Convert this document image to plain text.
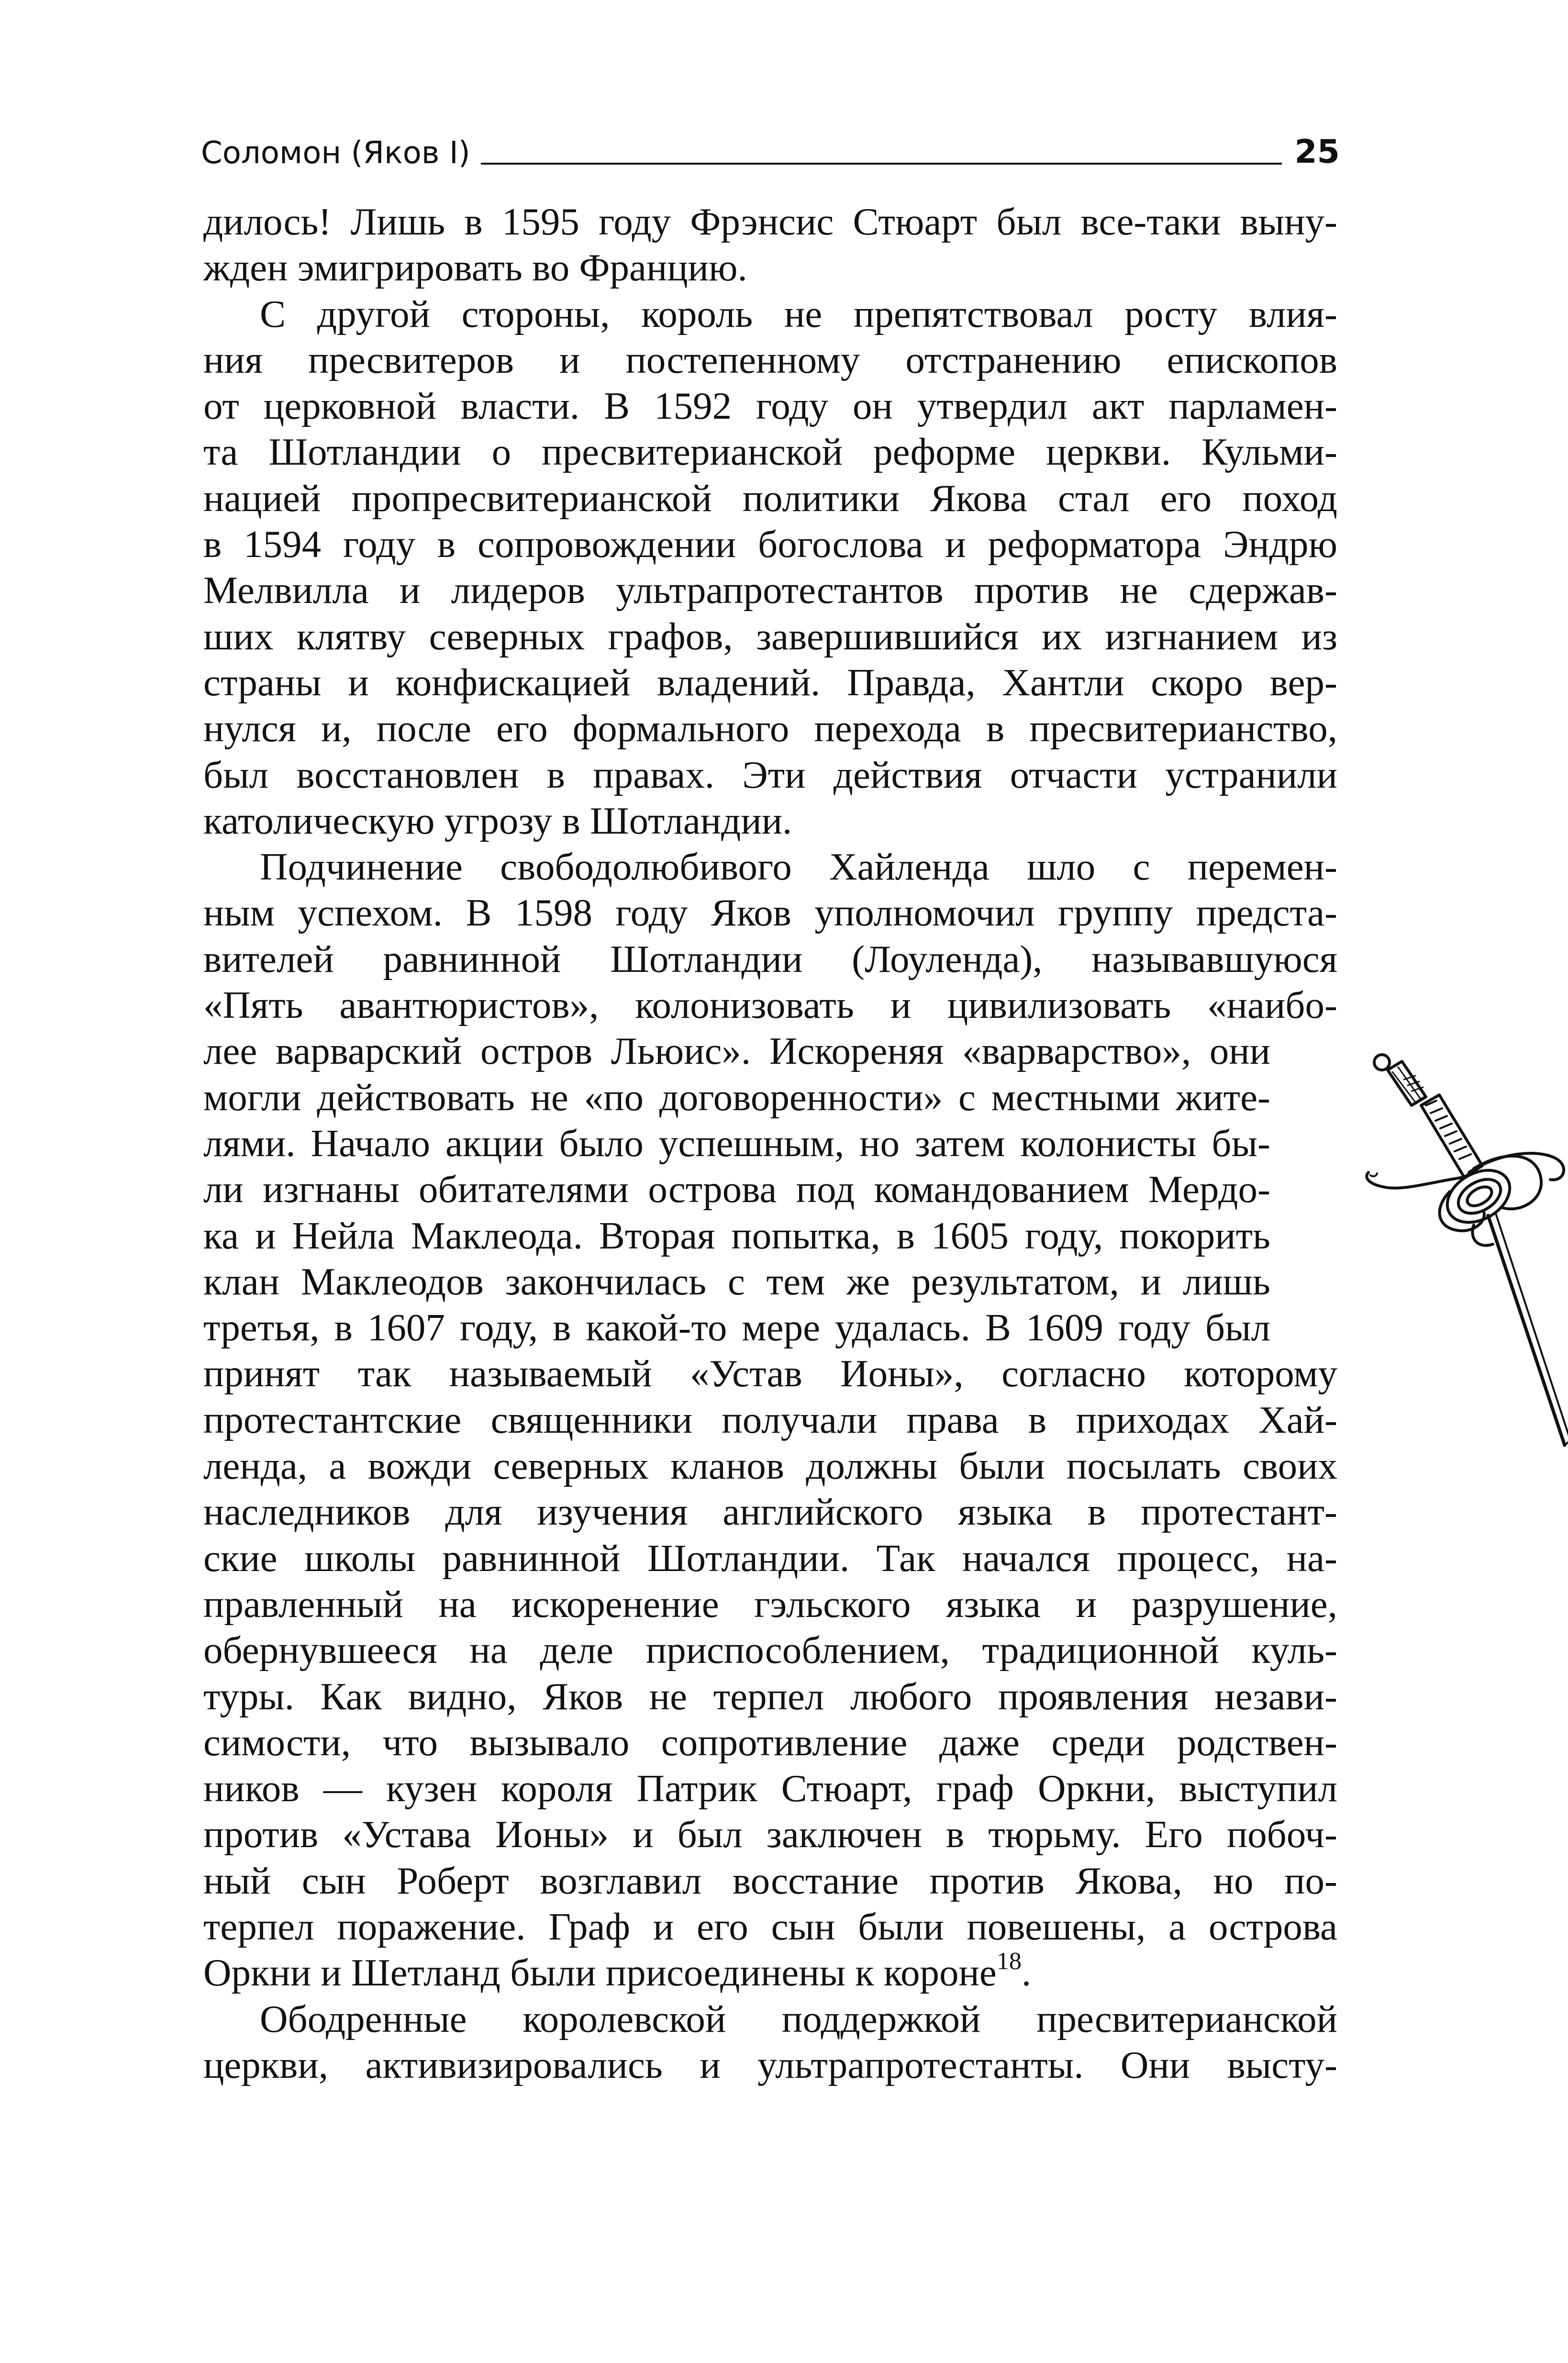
Соломон (Яков I)	25
дилось! Лишь в 1595 году Фрэнсис Стюарт был все-таки выну-
жден эмигрировать во Францию.
С другой стороны, король не препятствовал росту влия-
ния пресвитеров и постепенному отстранению епископов
от церковной власти. В 1592 году он утвердил акт парламен-
та Шотландии о пресвитерианской реформе церкви. Кульми-
нацией пропресвитерианской политики Якова стал его поход
в 1594 году в сопровождении богослова и реформатора Эндрю
Мелвилла и лидеров ультрапротестантов против не сдержав-
ших клятву северных графов, завершившийся их изгнанием из
страны и конфискацией владений. Правда, Хантли скоро вер-
нулся и, после его формального перехода в пресвитерианство,
был восстановлен в правах. Эти действия отчасти устранили
католическую угрозу в Шотландии.
Подчинение свободолюбивого Хайленда шло с перемен-
ным успехом. В 1598 году Яков уполномочил группу предста-
вителей равнинной Шотландии (Лоуленда), называвшуюся
«Пять авантюристов», колонизовать и цивилизовать «наибо-
лее варварский остров Льюис». Искореняя «варварство», они
могли действовать не «по договоренности» с местными жите-
лями. Начало акции было успешным, но затем колонисты бы-
ли изгнаны обитателями острова под командованием Мердо-
ка и Нейла Маклеода. Вторая попытка, в 1605 году, покорить
клан Маклеодов закончилась с тем же результатом, и лишь
третья, в 1607 году, в какой-то мере удалась. В 1609 году был
принят так называемый «Устав Ионы», согласно которому
протестантские священники получали права в приходах Хай-
ленда, а вожди северных кланов должны были посылать своих
наследников для изучения английского языка в протестант-
ские школы равнинной Шотландии. Так начался процесс, на-
правленный на искоренение гэльского языка и разрушение,
обернувшееся на деле приспособлением, традиционной куль-
туры. Как видно, Яков не терпел любого проявления незави-
симости, что вызывало сопротивление даже среди родствен-
ников — кузен короля Патрик Стюарт, граф Оркни, выступил
против «Устава Ионы» и был заключен в тюрьму. Его побоч-
ный сын Роберт возглавил восстание против Якова, но по-
терпел поражение. Граф и его сын были повешены, а острова
Оркни и Шетланд были присоединены к короне$^{18}$.
Ободренные королевской поддержкой пресвитерианской
церкви, активизировались и ультрапротестанты. Они высту-
